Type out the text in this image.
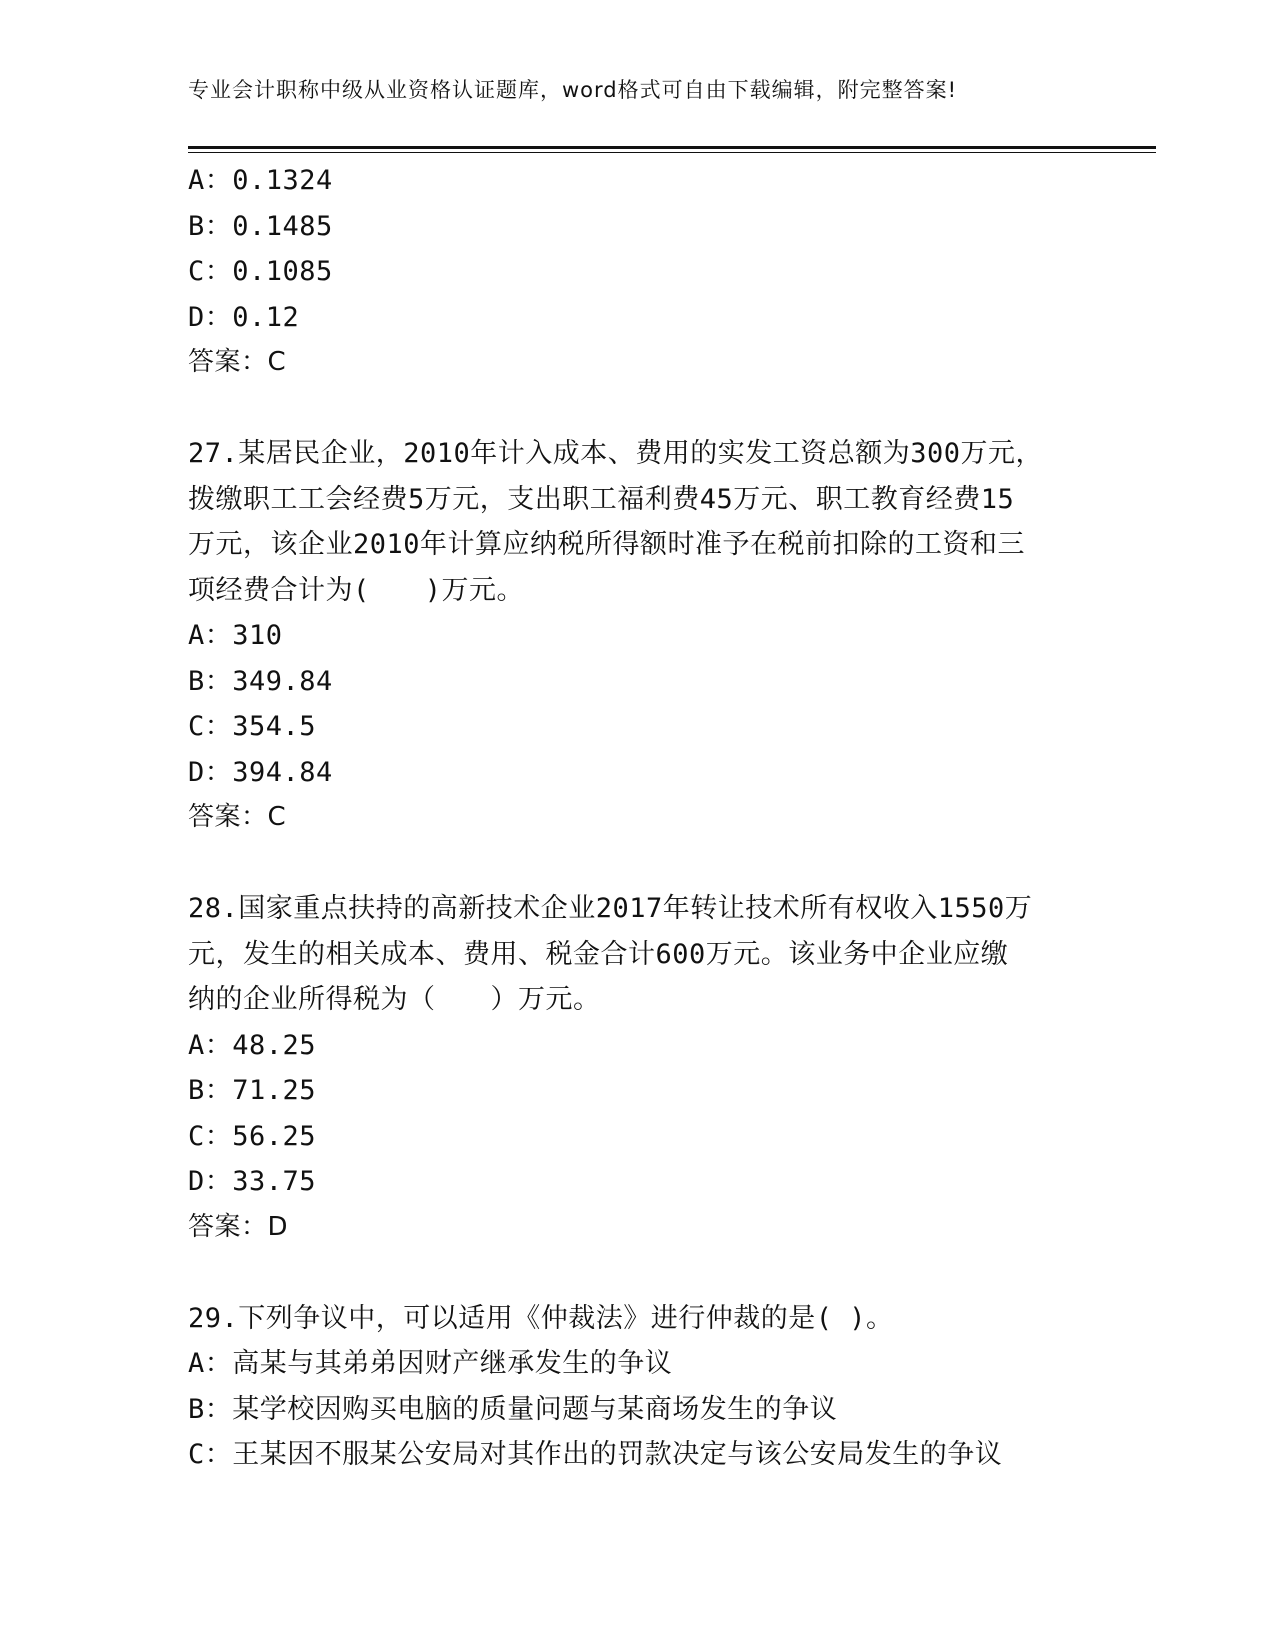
专业会计职称中级从业资格认证题库，word格式可自由下载编辑，附完整答案!
A：0.1324
B：0.1485
C：0.1085
D：0.12
答案：C
27.某居民企业，2010年计入成本、费用的实发工资总额为300万元，
拨缴职工工会经费5万元，支出职工福利费45万元、职工教育经费15
万元，该企业2010年计算应纳税所得额时准予在税前扣除的工资和三
项经费合计为(　　)万元。
A：310
B：349.84
C：354.5
D：394.84
答案：C
28.国家重点扶持的高新技术企业2017年转让技术所有权收入1550万
元，发生的相关成本、费用、税金合计600万元。该业务中企业应缴
纳的企业所得税为（　　）万元。
A：48.25
B：71.25
C：56.25
D：33.75
答案：D
29.下列争议中，可以适用《仲裁法》进行仲裁的是( )。
A：高某与其弟弟因财产继承发生的争议
B：某学校因购买电脑的质量问题与某商场发生的争议
C：王某因不服某公安局对其作出的罚款决定与该公安局发生的争议
